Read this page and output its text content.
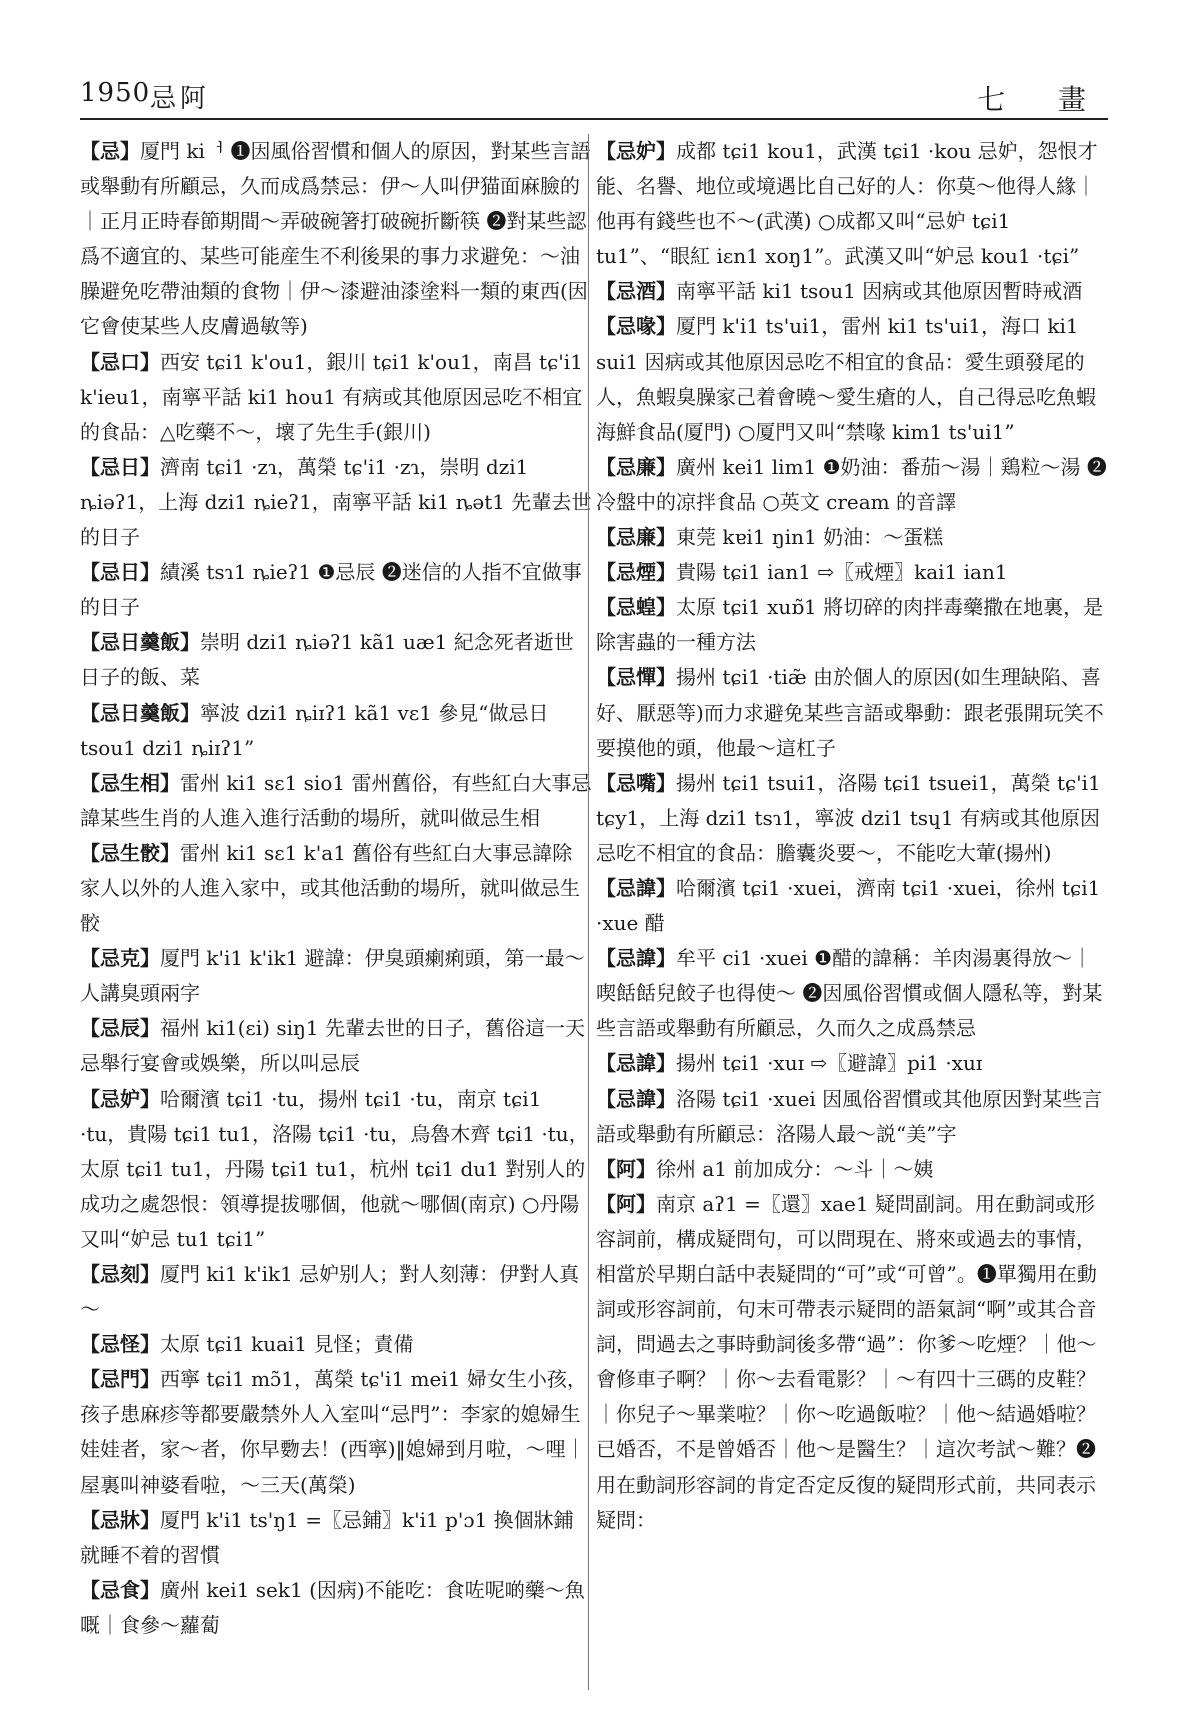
1950 忌阿	七 畫

【忌】厦門 kiᅥ ❶因風俗習慣和個人的原因，對某些言語或舉動有所顧忌，久而成爲禁忌：伊～人叫伊猫面麻臉的｜正月正時春節期間～弄破碗箸打破碗折斷筷 ❷對某些認爲不適宜的、某些可能産生不利後果的事力求避免：～油臊避免吃帶油類的食物｜伊～漆避油漆塗料一類的東西(因它會使某些人皮膚過敏等)

【忌口】西安 tɕi1 k'ou1，銀川 tɕi1 k'ou1，南昌 tɕ'i1 k'ieu1，南寧平話 ki1 hou1 有病或其他原因忌吃不相宜的食品：△吃藥不～，壞了先生手(銀川)

【忌日】濟南 tɕi1 ·zɿ，萬榮 tɕ'i1 ·zɿ，崇明 dzi1 ȵiəʔ1，上海 dzi1 ȵieʔ1，南寧平話 ki1 ȵət1 先輩去世的日子

【忌日】績溪 tsɿ1 ȵieʔ1 ❶忌辰 ❷迷信的人指不宜做事的日子

【忌日羹飯】崇明 dzi1 ȵiəʔ1 kã1 uæ1 紀念死者逝世日子的飯、菜

【忌日羹飯】寧波 dzi1 ȵiɪʔ1 kã1 vɛ1 參見“做忌日 tsou1 dzi1 ȵiɪʔ1”

【忌生相】雷州 ki1 sɛ1 sio1 雷州舊俗，有些紅白大事忌諱某些生肖的人進入進行活動的場所，就叫做忌生相

【忌生骹】雷州 ki1 sɛ1 k'a1 舊俗有些紅白大事忌諱除家人以外的人進入家中，或其他活動的場所，就叫做忌生骹

【忌克】厦門 k'i1 k'ik1 避諱：伊臭頭瘌痢頭，第一最～人講臭頭兩字

【忌辰】福州 ki1(ɛi) siŋ1 先輩去世的日子，舊俗這一天忌舉行宴會或娛樂，所以叫忌辰

【忌妒】哈爾濱 tɕi1 ·tu，揚州 tɕi1 ·tu，南京 tɕi1 ·tu，貴陽 tɕi1 tu1，洛陽 tɕi1 ·tu，烏魯木齊 tɕi1 ·tu，太原 tɕi1 tu1，丹陽 tɕi1 tu1，杭州 tɕi1 du1 對别人的成功之處怨恨：領導提拔哪個，他就～哪個(南京) ○丹陽又叫“妒忌 tu1 tɕi1”

【忌刻】厦門 ki1 k'ik1 忌妒别人；對人刻薄：伊對人真～

【忌怪】太原 tɕi1 kuai1 見怪；責備

【忌門】西寧 tɕi1 mɔ̃1，萬榮 tɕ'i1 mei1 婦女生小孩，孩子患麻疹等都要嚴禁外人入室叫“忌門”：李家的媳婦生娃娃者，家～者，你早覅去！(西寧)‖媳婦到月啦，～哩｜屋裏叫神婆看啦，～三天(萬榮)

【忌牀】厦門 k'i1 ts'ŋ1 =〖忌鋪〗k'i1 p'ɔ1 換個牀鋪就睡不着的習慣

【忌食】廣州 kei1 sek1 (因病)不能吃：食咗呢啲藥～魚嘅｜食參～蘿蔔

【忌妒】成都 tɕi1 kou1，武漢 tɕi1 ·kou 忌妒，怨恨才能、名譽、地位或境遇比自己好的人：你莫～他得人緣｜他再有錢些也不～(武漢) ○成都又叫“忌妒 tɕi1 tu1”、“眼紅 iɛn1 xoŋ1”。武漢又叫“妒忌 kou1 ·tɕi”

【忌酒】南寧平話 ki1 tsou1 因病或其他原因暫時戒酒

【忌喙】厦門 k'i1 ts'ui1，雷州 ki1 ts'ui1，海口 ki1 sui1 因病或其他原因忌吃不相宜的食品：愛生頭發尾的人，魚蝦臭臊家己着會曉～愛生瘡的人，自己得忌吃魚蝦海鮮食品(厦門) ○厦門又叫“禁喙 kim1 ts'ui1”

【忌廉】廣州 kei1 lim1 ❶奶油：番茄～湯｜鶏粒～湯 ❷冷盤中的凉拌食品 ○英文 cream 的音譯

【忌廉】東莞 kɐi1 ŋin1 奶油：～蛋糕

【忌煙】貴陽 tɕi1 ian1 ⇨〖戒煙〗kai1 ian1

【忌蝗】太原 tɕi1 xuɒ̃1 將切碎的肉拌毒藥撒在地裏，是除害蟲的一種方法

【忌憚】揚州 tɕi1 ·tiæ̃ 由於個人的原因(如生理缺陷、喜好、厭惡等)而力求避免某些言語或舉動：跟老張開玩笑不要摸他的頭，他最～這杠子

【忌嘴】揚州 tɕi1 tsui1，洛陽 tɕi1 tsuei1，萬榮 tɕ'i1 tɕy1，上海 dzi1 tsɿ1，寧波 dzi1 tsɥ1 有病或其他原因忌吃不相宜的食品：膽囊炎要～，不能吃大葷(揚州)

【忌諱】哈爾濱 tɕi1 ·xuei，濟南 tɕi1 ·xuei，徐州 tɕi1 ·xue 醋

【忌諱】牟平 ci1 ·xuei ❶醋的諱稱：羊肉湯裏得放～｜喫餂餂兒餃子也得使～ ❷因風俗習慣或個人隱私等，對某些言語或舉動有所顧忌，久而久之成爲禁忌

【忌諱】揚州 tɕi1 ·xuɪ ⇨〖避諱〗pi1 ·xuɪ

【忌諱】洛陽 tɕi1 ·xuei 因風俗習慣或其他原因對某些言語或舉動有所顧忌：洛陽人最～説“美”字

【阿】徐州 a1 前加成分：～斗｜～姨

【阿】南京 aʔ1 =〖還〗xae1 疑問副詞。用在動詞或形容詞前，構成疑問句，可以問現在、將來或過去的事情，相當於早期白話中表疑問的“可”或“可曾”。❶單獨用在動詞或形容詞前，句末可帶表示疑問的語氣詞“啊”或其合音詞，問過去之事時動詞後多帶“過”：你爹～吃煙？｜他～會修車子啊？｜你～去看電影？｜～有四十三碼的皮鞋？｜你兒子～畢業啦？｜你～吃過飯啦？｜他～結過婚啦？已婚否，不是曾婚否｜他～是醫生？｜這次考試～難？❷用在動詞形容詞的肯定否定反復的疑問形式前，共同表示疑問：
